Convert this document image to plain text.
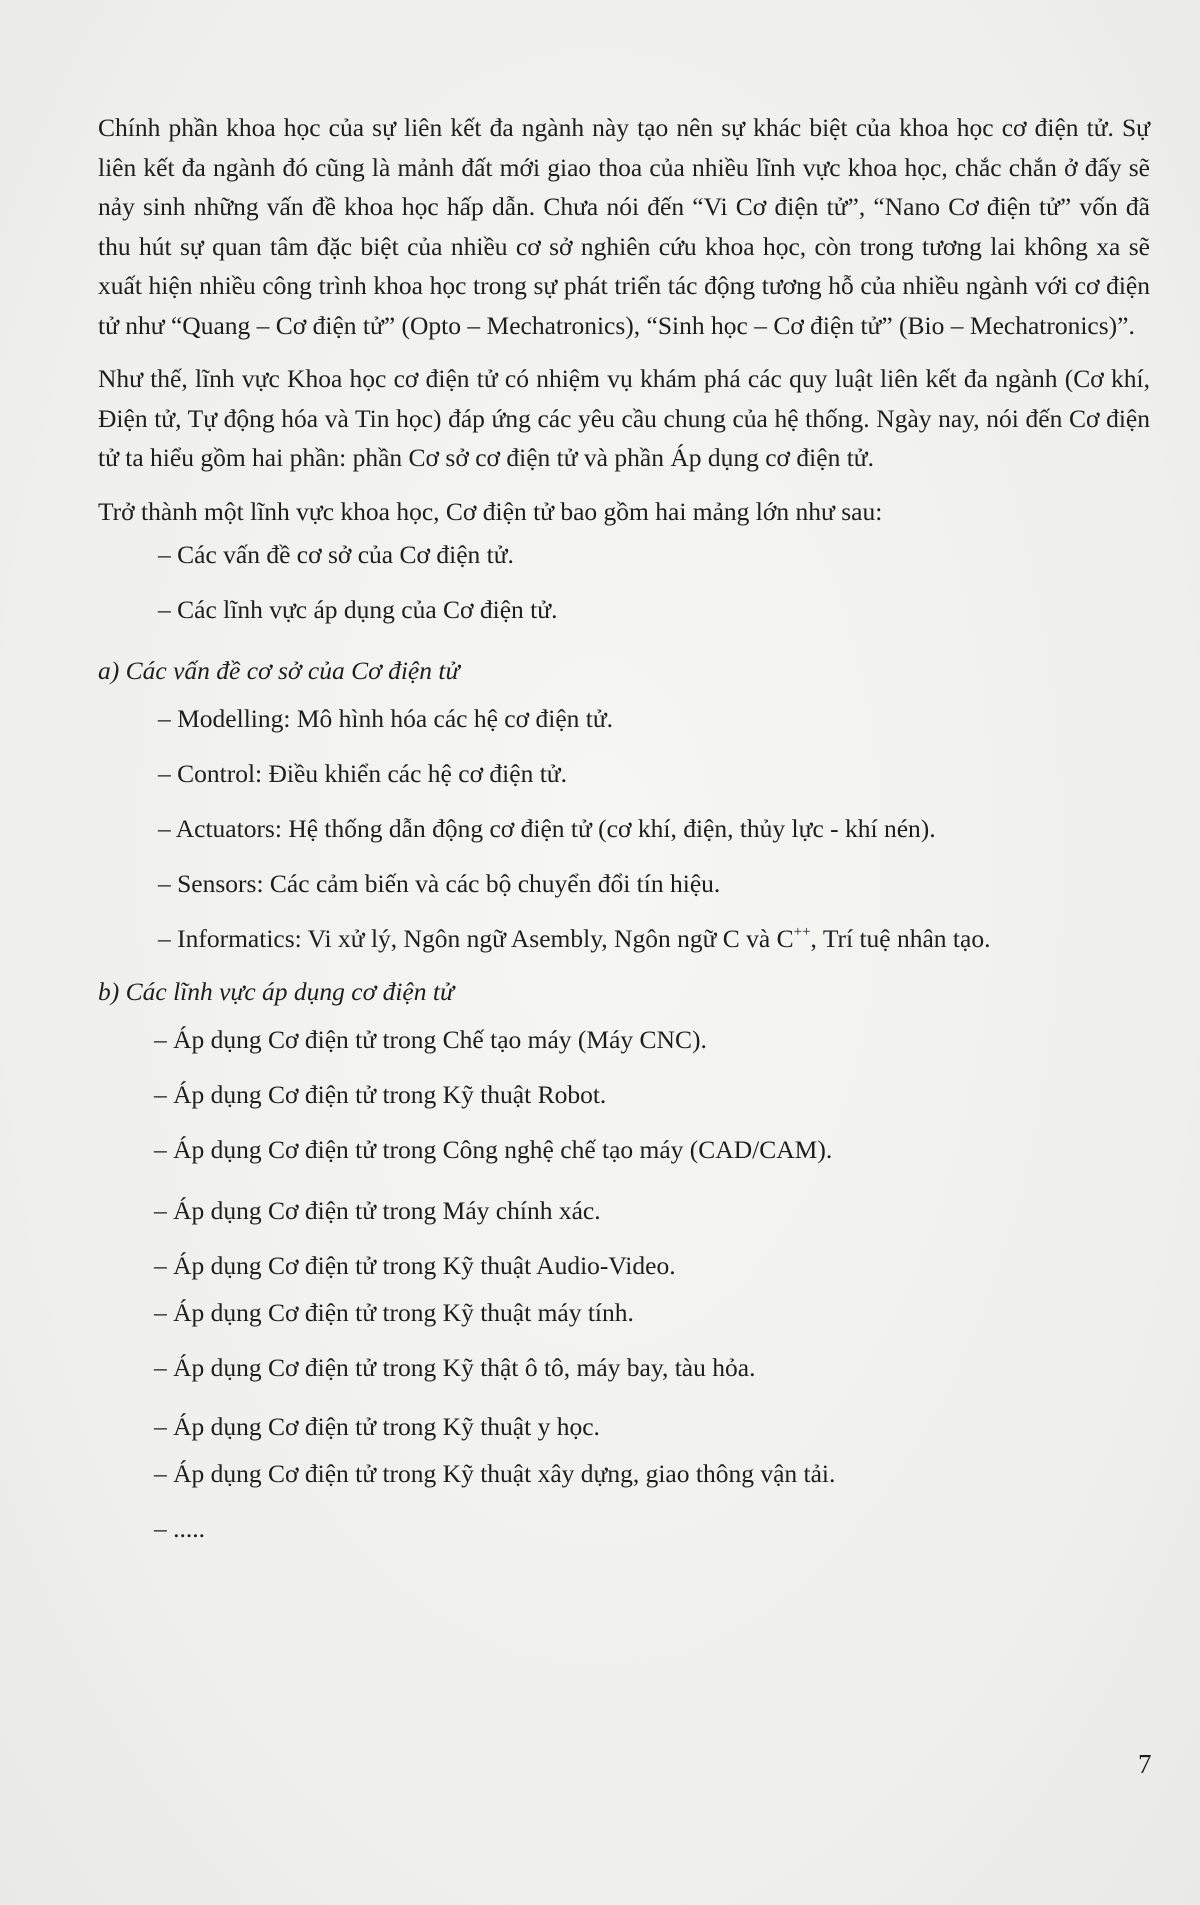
Chính phần khoa học của sự liên kết đa ngành này tạo nên sự khác biệt của khoa học cơ điện tử. Sự liên kết đa ngành đó cũng là mảnh đất mới giao thoa của nhiều lĩnh vực khoa học, chắc chắn ở đấy sẽ nảy sinh những vấn đề khoa học hấp dẫn. Chưa nói đến “Vi Cơ điện tử”, “Nano Cơ điện tử” vốn đã thu hút sự quan tâm đặc biệt của nhiều cơ sở nghiên cứu khoa học, còn trong tương lai không xa sẽ xuất hiện nhiều công trình khoa học trong sự phát triển tác động tương hỗ của nhiều ngành với cơ điện tử như “Quang – Cơ điện tử” (Opto – Mechatronics), “Sinh học – Cơ điện tử” (Bio – Mechatronics)”.

Như thế, lĩnh vực Khoa học cơ điện tử có nhiệm vụ khám phá các quy luật liên kết đa ngành (Cơ khí, Điện tử, Tự động hóa và Tin học) đáp ứng các yêu cầu chung của hệ thống. Ngày nay, nói đến Cơ điện tử ta hiểu gồm hai phần: phần Cơ sở cơ điện tử và phần Áp dụng cơ điện tử.

Trở thành một lĩnh vực khoa học, Cơ điện tử bao gồm hai mảng lớn như sau:

– Các vấn đề cơ sở của Cơ điện tử.

– Các lĩnh vực áp dụng của Cơ điện tử.

a) Các vấn đề cơ sở của Cơ điện tử

– Modelling: Mô hình hóa các hệ cơ điện tử.

– Control: Điều khiển các hệ cơ điện tử.

– Actuators: Hệ thống dẫn động cơ điện tử (cơ khí, điện, thủy lực - khí nén).

– Sensors: Các cảm biến và các bộ chuyển đổi tín hiệu.

– Informatics: Vi xử lý, Ngôn ngữ Asembly, Ngôn ngữ C và C++, Trí tuệ nhân tạo.

b) Các lĩnh vực áp dụng cơ điện tử

– Áp dụng Cơ điện tử trong Chế tạo máy (Máy CNC).

– Áp dụng Cơ điện tử trong Kỹ thuật Robot.

– Áp dụng Cơ điện tử trong Công nghệ chế tạo máy (CAD/CAM).

– Áp dụng Cơ điện tử trong Máy chính xác.

– Áp dụng Cơ điện tử trong Kỹ thuật Audio-Video.

– Áp dụng Cơ điện tử trong Kỹ thuật máy tính.

– Áp dụng Cơ điện tử trong Kỹ thật ô tô, máy bay, tàu hỏa.

– Áp dụng Cơ điện tử trong Kỹ thuật y học.

– Áp dụng Cơ điện tử trong Kỹ thuật xây dựng, giao thông vận tải.

– .....

7
